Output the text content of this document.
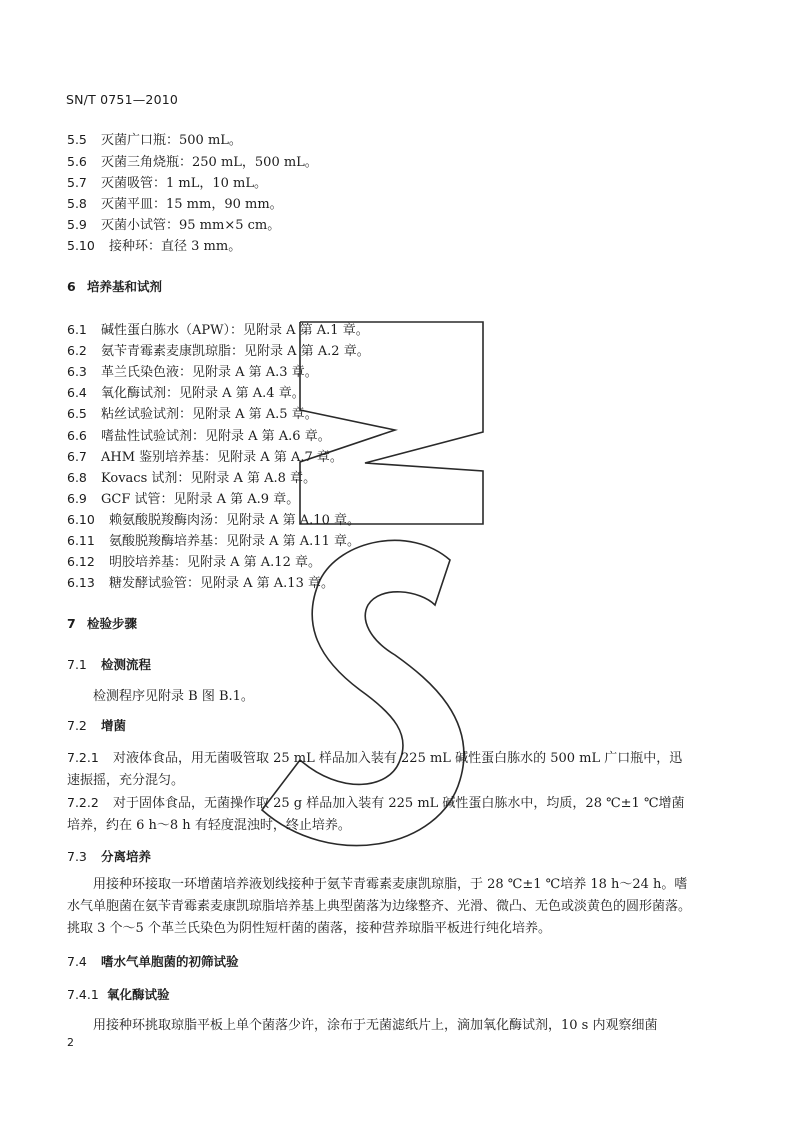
SN/T 0751—2010
5.5 灭菌广口瓶：500 mL。
5.6 灭菌三角烧瓶：250 mL，500 mL。
5.7 灭菌吸管：1 mL，10 mL。
5.8 灭菌平皿：15 mm，90 mm。
5.9 灭菌小试管：95 mm×5 cm。
5.10 接种环：直径 3 mm。
6 培养基和试剂
6.1 碱性蛋白胨水（APW）：见附录 A 第 A.1 章。
6.2 氨苄青霉素麦康凯琼脂：见附录 A 第 A.2 章。
6.3 革兰氏染色液：见附录 A 第 A.3 章。
6.4 氧化酶试剂：见附录 A 第 A.4 章。
6.5 粘丝试验试剂：见附录 A 第 A.5 章。
6.6 嗜盐性试验试剂：见附录 A 第 A.6 章。
6.7 AHM 鉴别培养基：见附录 A 第 A.7 章。
6.8 Kovacs 试剂：见附录 A 第 A.8 章。
6.9 GCF 试管：见附录 A 第 A.9 章。
6.10 赖氨酸脱羧酶肉汤：见附录 A 第 A.10 章。
6.11 氨酸脱羧酶培养基：见附录 A 第 A.11 章。
6.12 明胶培养基：见附录 A 第 A.12 章。
6.13 糖发酵试验管：见附录 A 第 A.13 章。
7 检验步骤
7.1 检测流程
检测程序见附录 B 图 B.1。
7.2 增菌
7.2.1 对液体食品，用无菌吸管取 25 mL 样品加入装有 225 mL 碱性蛋白胨水的 500 mL 广口瓶中，迅速振摇，充分混匀。
7.2.2 对于固体食品，无菌操作取 25 g 样品加入装有 225 mL 碱性蛋白胨水中，均质，28 ℃±1 ℃增菌培养，约在 6 h～8 h 有轻度混浊时，终止培养。
7.3 分离培养
用接种环接取一环增菌培养液划线接种于氨苄青霉素麦康凯琼脂，于 28 ℃±1 ℃培养 18 h～24 h。嗜水气单胞菌在氨苄青霉素麦康凯琼脂培养基上典型菌落为边缘整齐、光滑、微凸、无色或淡黄色的圆形菌落。挑取 3 个～5 个革兰氏染色为阴性短杆菌的菌落，接种营养琼脂平板进行纯化培养。
7.4 嗜水气单胞菌的初筛试验
7.4.1 氧化酶试验
用接种环挑取琼脂平板上单个菌落少许，涂布于无菌滤纸片上，滴加氧化酶试剂，10 s 内观察细菌
2
